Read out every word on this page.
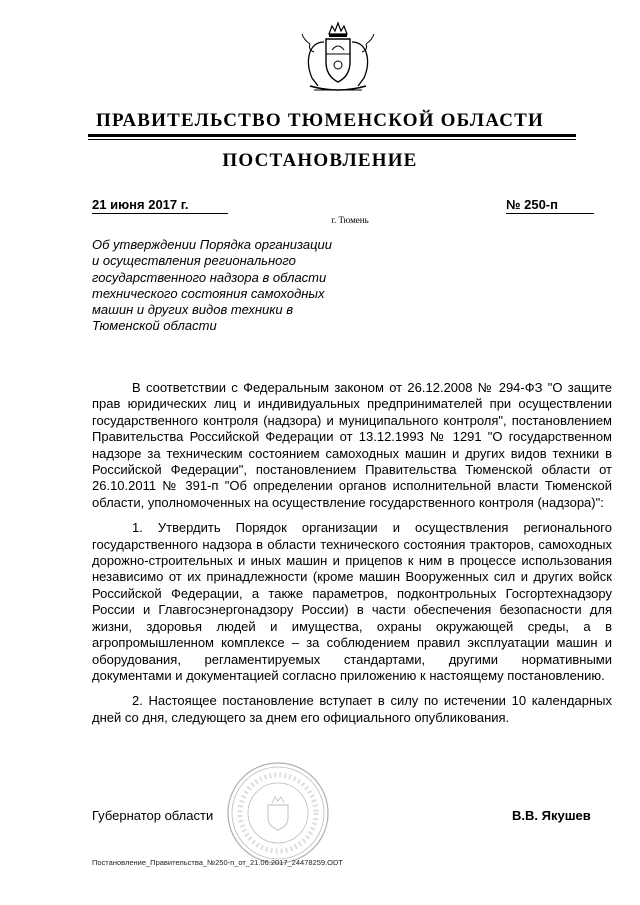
ПРАВИТЕЛЬСТВО ТЮМЕНСКОЙ ОБЛАСТИ
ПОСТАНОВЛЕНИЕ
21 июня 2017 г.	№ 250-п
г. Тюмень
Об утверждении Порядка организации и осуществления регионального государственного надзора в области технического состояния самоходных машин и других видов техники в Тюменской области

В соответствии с Федеральным законом от 26.12.2008 № 294-ФЗ "О защите прав юридических лиц и индивидуальных предпринимателей при осуществлении государственного контроля (надзора) и муниципального контроля", постановлением Правительства Российской Федерации от 13.12.1993 № 1291 "О государственном надзоре за техническим состоянием самоходных машин и других видов техники в Российской Федерации", постановлением Правительства Тюменской области от 26.10.2011 № 391-п "Об определении органов исполнительной власти Тюменской области, уполномоченных на осуществление государственного контроля (надзора)":

1. Утвердить Порядок организации и осуществления регионального государственного надзора в области технического состояния тракторов, самоходных дорожно-строительных и иных машин и прицепов к ним в процессе использования независимо от их принадлежности (кроме машин Вооруженных сил и других войск Российской Федерации, а также параметров, подконтрольных Госгортехнадзору России и Главгосэнергонадзору России) в части обеспечения безопасности для жизни, здоровья людей и имущества, охраны окружающей среды, а в агропромышленном комплексе – за соблюдением правил эксплуатации машин и оборудования, регламентируемых стандартами, другими нормативными документами и документацией согласно приложению к настоящему постановлению.

2. Настоящее постановление вступает в силу по истечении 10 календарных дней со дня, следующего за днем его официального опубликования.

Губернатор области	В.В. Якушев
Постановление_Правительства_№250-п_от_21.06.2017_24478259.ODT
